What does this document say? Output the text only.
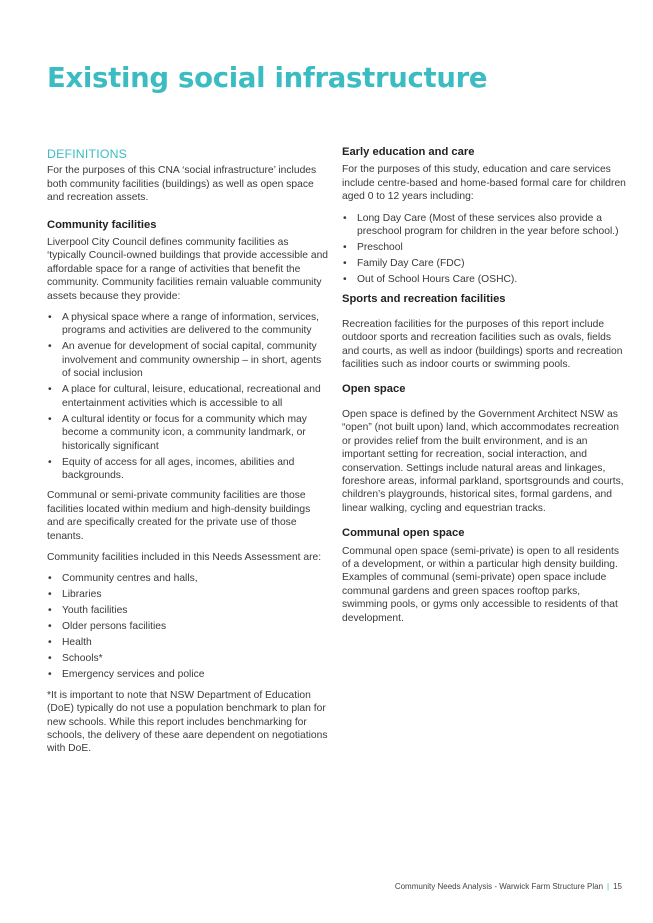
Existing social infrastructure
DEFINITIONS

For the purposes of this CNA ‘social infrastructure’ includes both community facilities (buildings) as well as open space and recreation assets.

Community facilities

Liverpool City Council defines community facilities as ‘typically Council-owned buildings that provide accessible and affordable space for a range of activities that benefit the community. Community facilities remain valuable community assets because they provide:

• A physical space where a range of information, services, programs and activities are delivered to the community
• An avenue for development of social capital, community involvement and community ownership – in short, agents of social inclusion
• A place for cultural, leisure, educational, recreational and entertainment activities which is accessible to all
• A cultural identity or focus for a community which may become a community icon, a community landmark, or historically significant
• Equity of access for all ages, incomes, abilities and backgrounds.

Communal or semi-private community facilities are those facilities located within medium and high-density buildings and are specifically created for the private use of those tenants.

Community facilities included in this Needs Assessment are:

• Community centres and halls,
• Libraries
• Youth facilities
• Older persons facilities
• Health
• Schools*
• Emergency services and police

*It is important to note that NSW Department of Education (DoE) typically do not use a population benchmark to plan for new schools. While this report includes benchmarking for schools, the delivery of these aare dependent on negotiations with DoE.

Early education and care

For the purposes of this study, education and care services include centre-based and home-based formal care for children aged 0 to 12 years including:

• Long Day Care (Most of these services also provide a preschool program for children in the year before school.)
• Preschool
• Family Day Care (FDC)
• Out of School Hours Care (OSHC).
Sports and recreation facilities

Recreation facilities for the purposes of this report include outdoor sports and recreation facilities such as ovals, fields and courts, as well as indoor (buildings) sports and recreation facilities such as indoor courts or swimming pools.

Open space

Open space is defined by the Government Architect NSW as “open” (not built upon) land, which accommodates recreation or provides relief from the built environment, and is an important setting for recreation, social interaction, and conservation. Settings include natural areas and linkages, foreshore areas, informal parkland, sportsgrounds and courts, children’s playgrounds, historical sites, formal gardens, and linear walking, cycling and equestrian tracks.

Communal open space

Communal open space (semi-private) is open to all residents of a development, or within a particular high density building. Examples of communal (semi-private) open space include communal gardens and green spaces rooftop parks, swimming pools, or gyms only accessible to residents of that development.

Community Needs Analysis - Warwick Farm Structure Plan | 15
